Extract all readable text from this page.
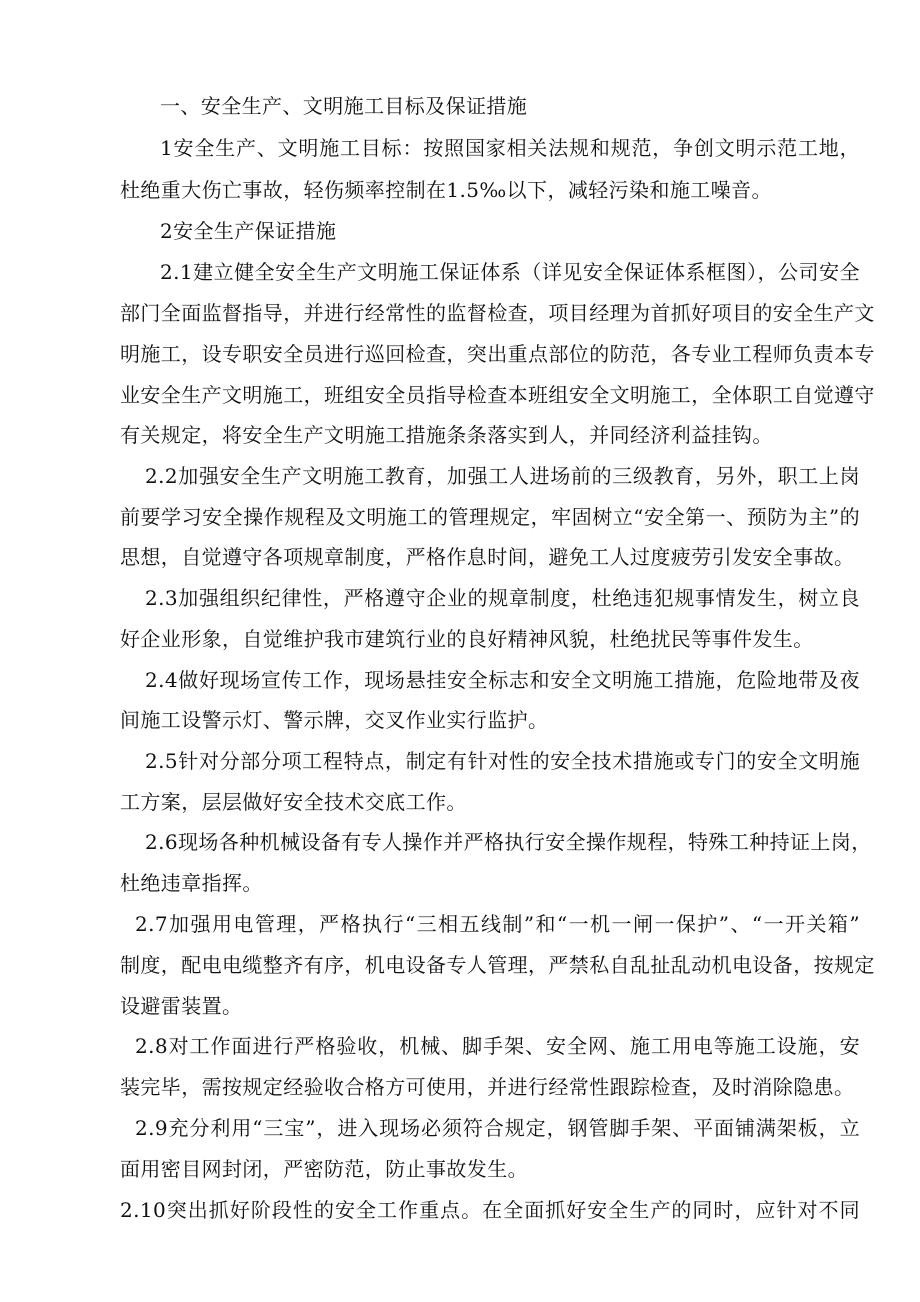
一、安全生产、文明施工目标及保证措施
1安全生产、文明施工目标：按照国家相关法规和规范，争创文明示范工地，
杜绝重大伤亡事故，轻伤频率控制在1.5‰以下，减轻污染和施工噪音。
2安全生产保证措施
2.1建立健全安全生产文明施工保证体系（详见安全保证体系框图），公司安全
部门全面监督指导，并进行经常性的监督检查，项目经理为首抓好项目的安全生产文
明施工，设专职安全员进行巡回检查，突出重点部位的防范，各专业工程师负责本专
业安全生产文明施工，班组安全员指导检查本班组安全文明施工，全体职工自觉遵守
有关规定，将安全生产文明施工措施条条落实到人，并同经济利益挂钩。
2.2加强安全生产文明施工教育，加强工人进场前的三级教育，另外，职工上岗
前要学习安全操作规程及文明施工的管理规定，牢固树立“安全第一、预防为主”的
思想，自觉遵守各项规章制度，严格作息时间，避免工人过度疲劳引发安全事故。
2.3加强组织纪律性，严格遵守企业的规章制度，杜绝违犯规事情发生，树立良
好企业形象，自觉维护我市建筑行业的良好精神风貌，杜绝扰民等事件发生。
2.4做好现场宣传工作，现场悬挂安全标志和安全文明施工措施，危险地带及夜
间施工设警示灯、警示牌，交叉作业实行监护。
2.5针对分部分项工程特点，制定有针对性的安全技术措施或专门的安全文明施
工方案，层层做好安全技术交底工作。
2.6现场各种机械设备有专人操作并严格执行安全操作规程，特殊工种持证上岗，
杜绝违章指挥。
2.7加强用电管理，严格执行“三相五线制”和“一机一闸一保护”、“一开关箱”
制度，配电电缆整齐有序，机电设备专人管理，严禁私自乱扯乱动机电设备，按规定
设避雷装置。
2.8对工作面进行严格验收，机械、脚手架、安全网、施工用电等施工设施，安
装完毕，需按规定经验收合格方可使用，并进行经常性跟踪检查，及时消除隐患。
2.9充分利用“三宝”，进入现场必须符合规定，钢管脚手架、平面铺满架板，立
面用密目网封闭，严密防范，防止事故发生。
2.10突出抓好阶段性的安全工作重点。在全面抓好安全生产的同时，应针对不同
